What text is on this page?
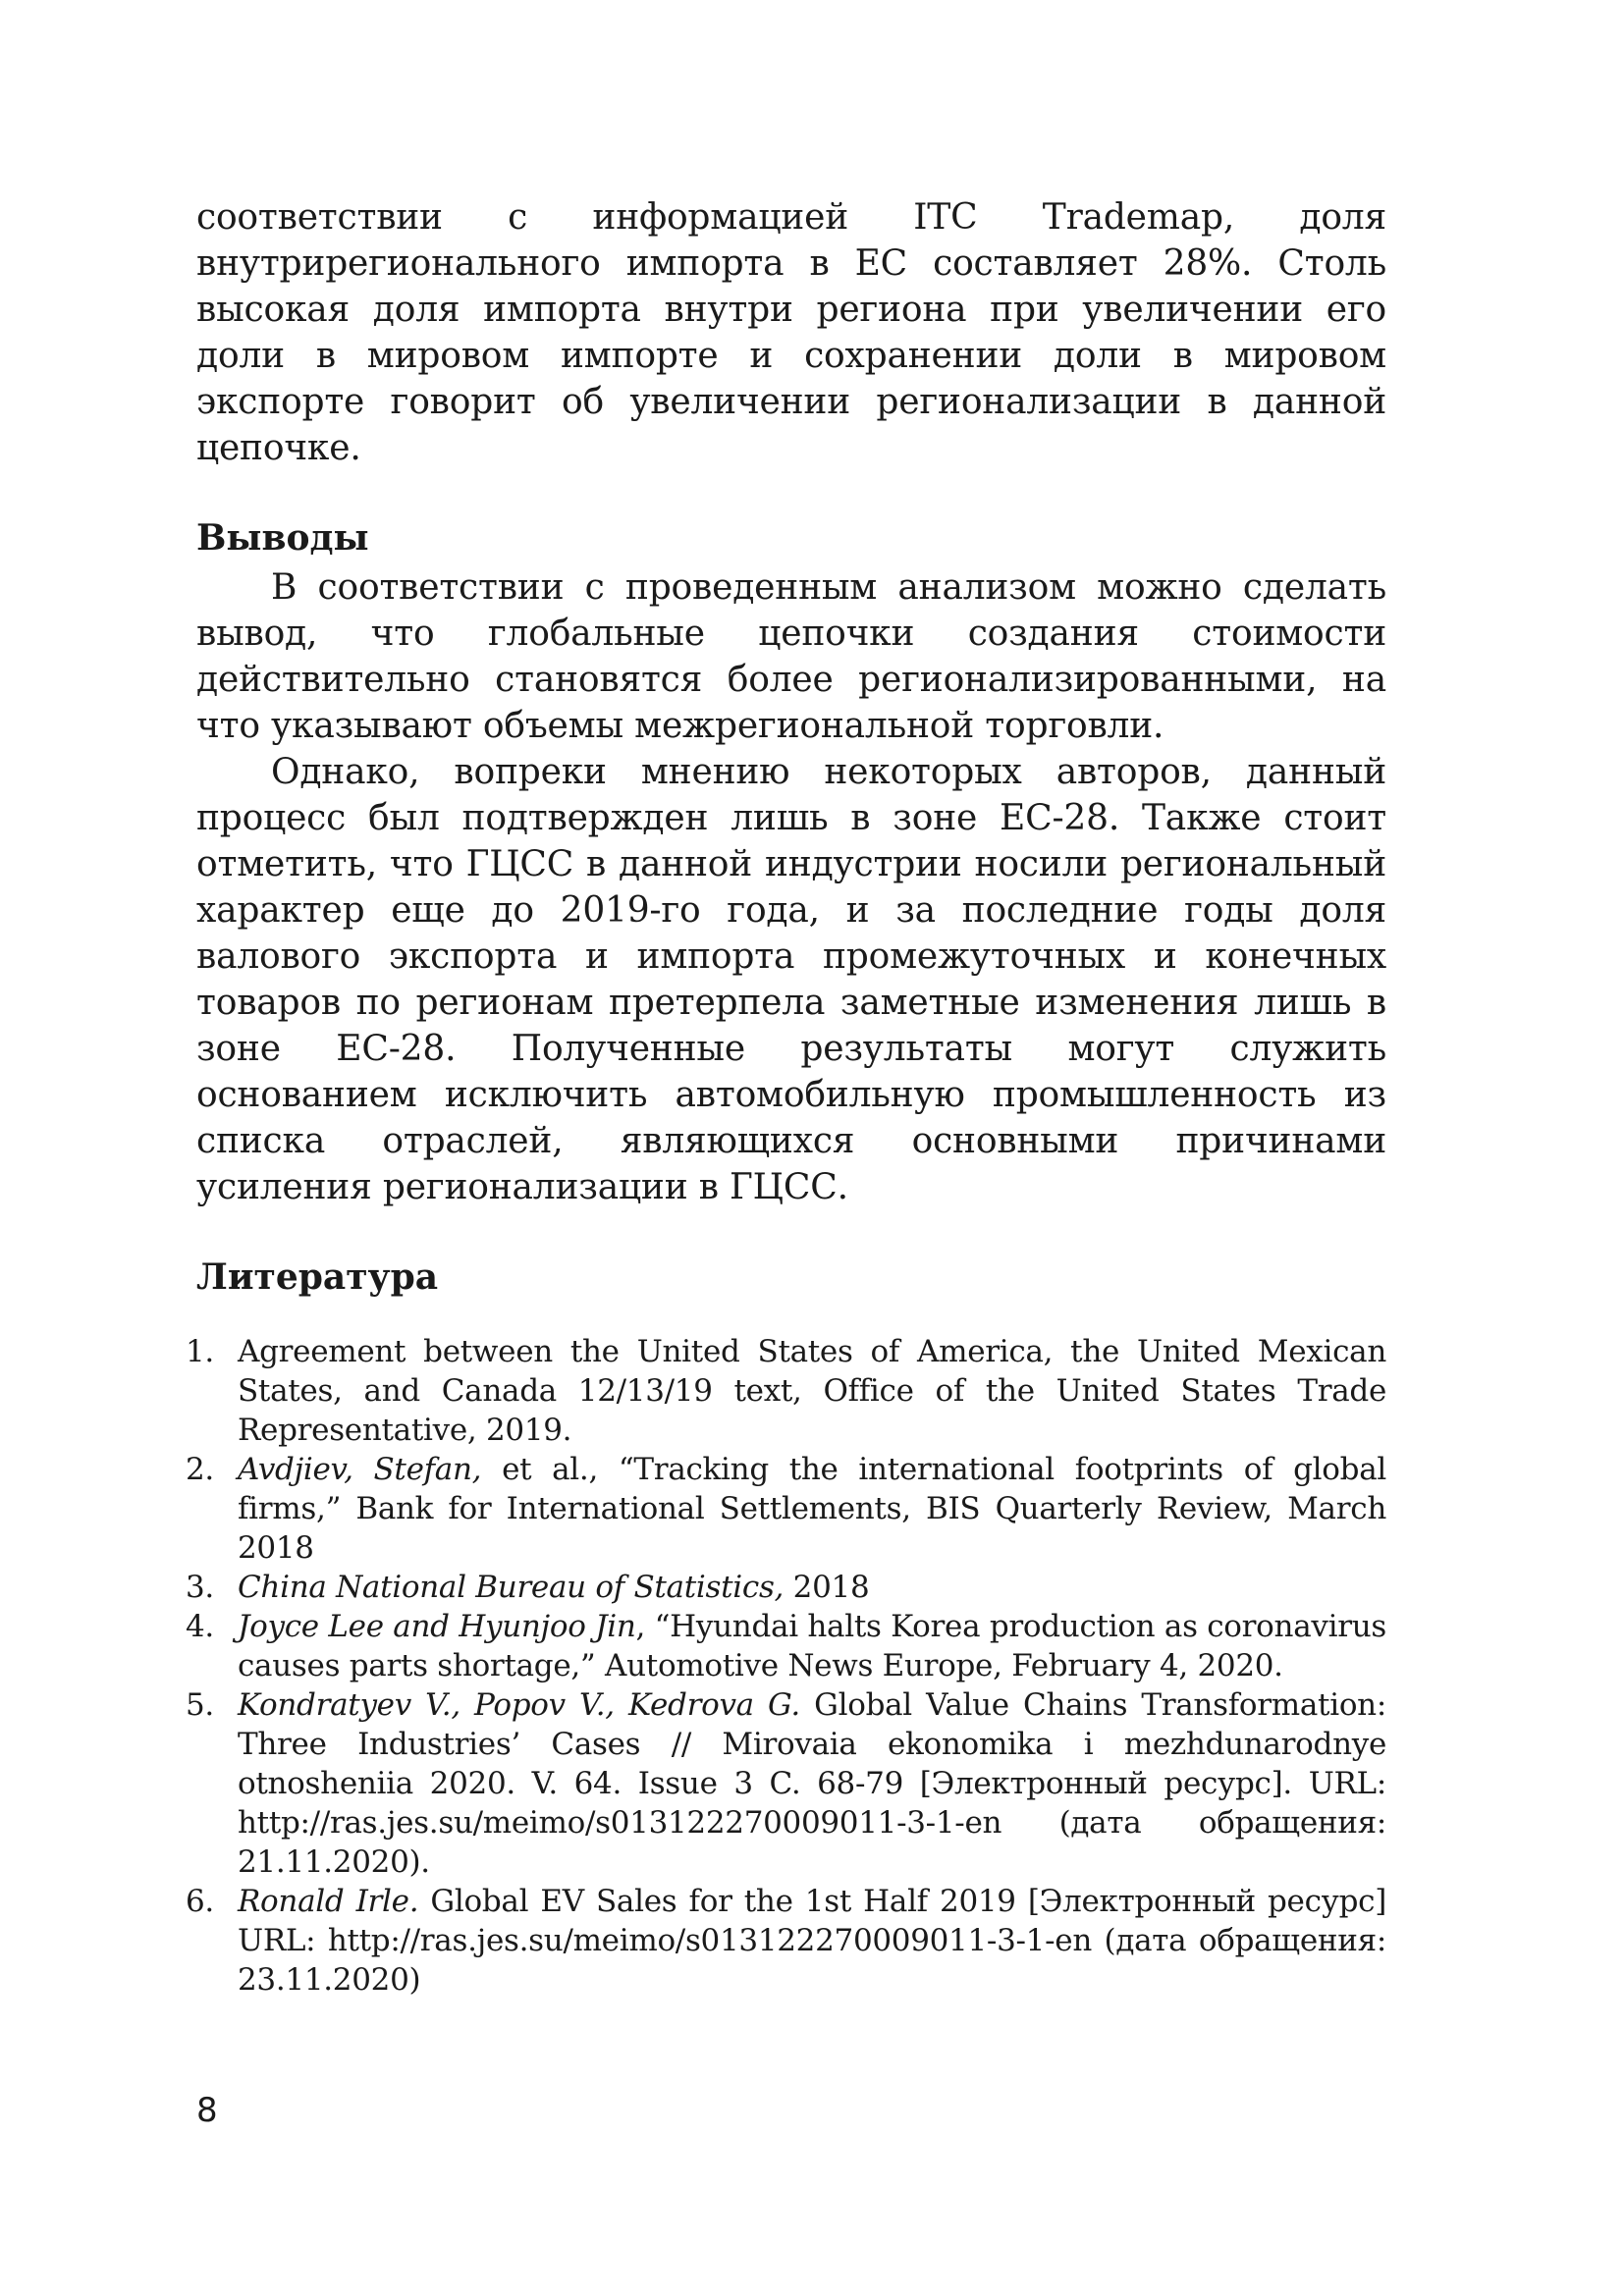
соответствии с информацией ITC Trademap, доля внутрирегионального импорта в ЕС составляет 28%. Столь высокая доля импорта внутри региона при увеличении его доли в мировом импорте и сохранении доли в мировом экспорте говорит об увеличении регионализации в данной цепочке.

Выводы

В соответствии с проведенным анализом можно сделать вывод, что глобальные цепочки создания стоимости действительно становятся более регионализированными, на что указывают объемы межрегиональной торговли.

Однако, вопреки мнению некоторых авторов, данный процесс был подтвержден лишь в зоне ЕС-28. Также стоит отметить, что ГЦСС в данной индустрии носили региональный характер еще до 2019-го года, и за последние годы доля валового экспорта и импорта промежуточных и конечных товаров по регионам претерпела заметные изменения лишь в зоне ЕС-28. Полученные результаты могут служить основанием исключить автомобильную промышленность из списка отраслей, являющихся основными причинами усиления регионализации в ГЦСС.

Литература
1. Agreement between the United States of America, the United Mexican States, and Canada 12/13/19 text, Office of the United States Trade Representative, 2019.
2. Avdjiev, Stefan, et al., “Tracking the international footprints of global firms,” Bank for International Settlements, BIS Quarterly Review, March 2018
3. China National Bureau of Statistics, 2018
4. Joyce Lee and Hyunjoo Jin, “Hyundai halts Korea production as coronavirus causes parts shortage,” Automotive News Europe, February 4, 2020.
5. Kondratyev V., Popov V., Kedrova G. Global Value Chains Transformation: Three Industries’ Cases // Mirovaia ekonomika i mezhdunarodnye otnosheniia 2020. V. 64. Issue 3 C. 68-79 [Электронный ресурс]. URL: http://ras.jes.su/meimo/s013122270009011-3-1-en (дата обращения: 21.11.2020).
6. Ronald Irle. Global EV Sales for the 1st Half 2019 [Электронный ресурс] URL: http://ras.jes.su/meimo/s013122270009011-3-1-en (дата обращения: 23.11.2020)
8
